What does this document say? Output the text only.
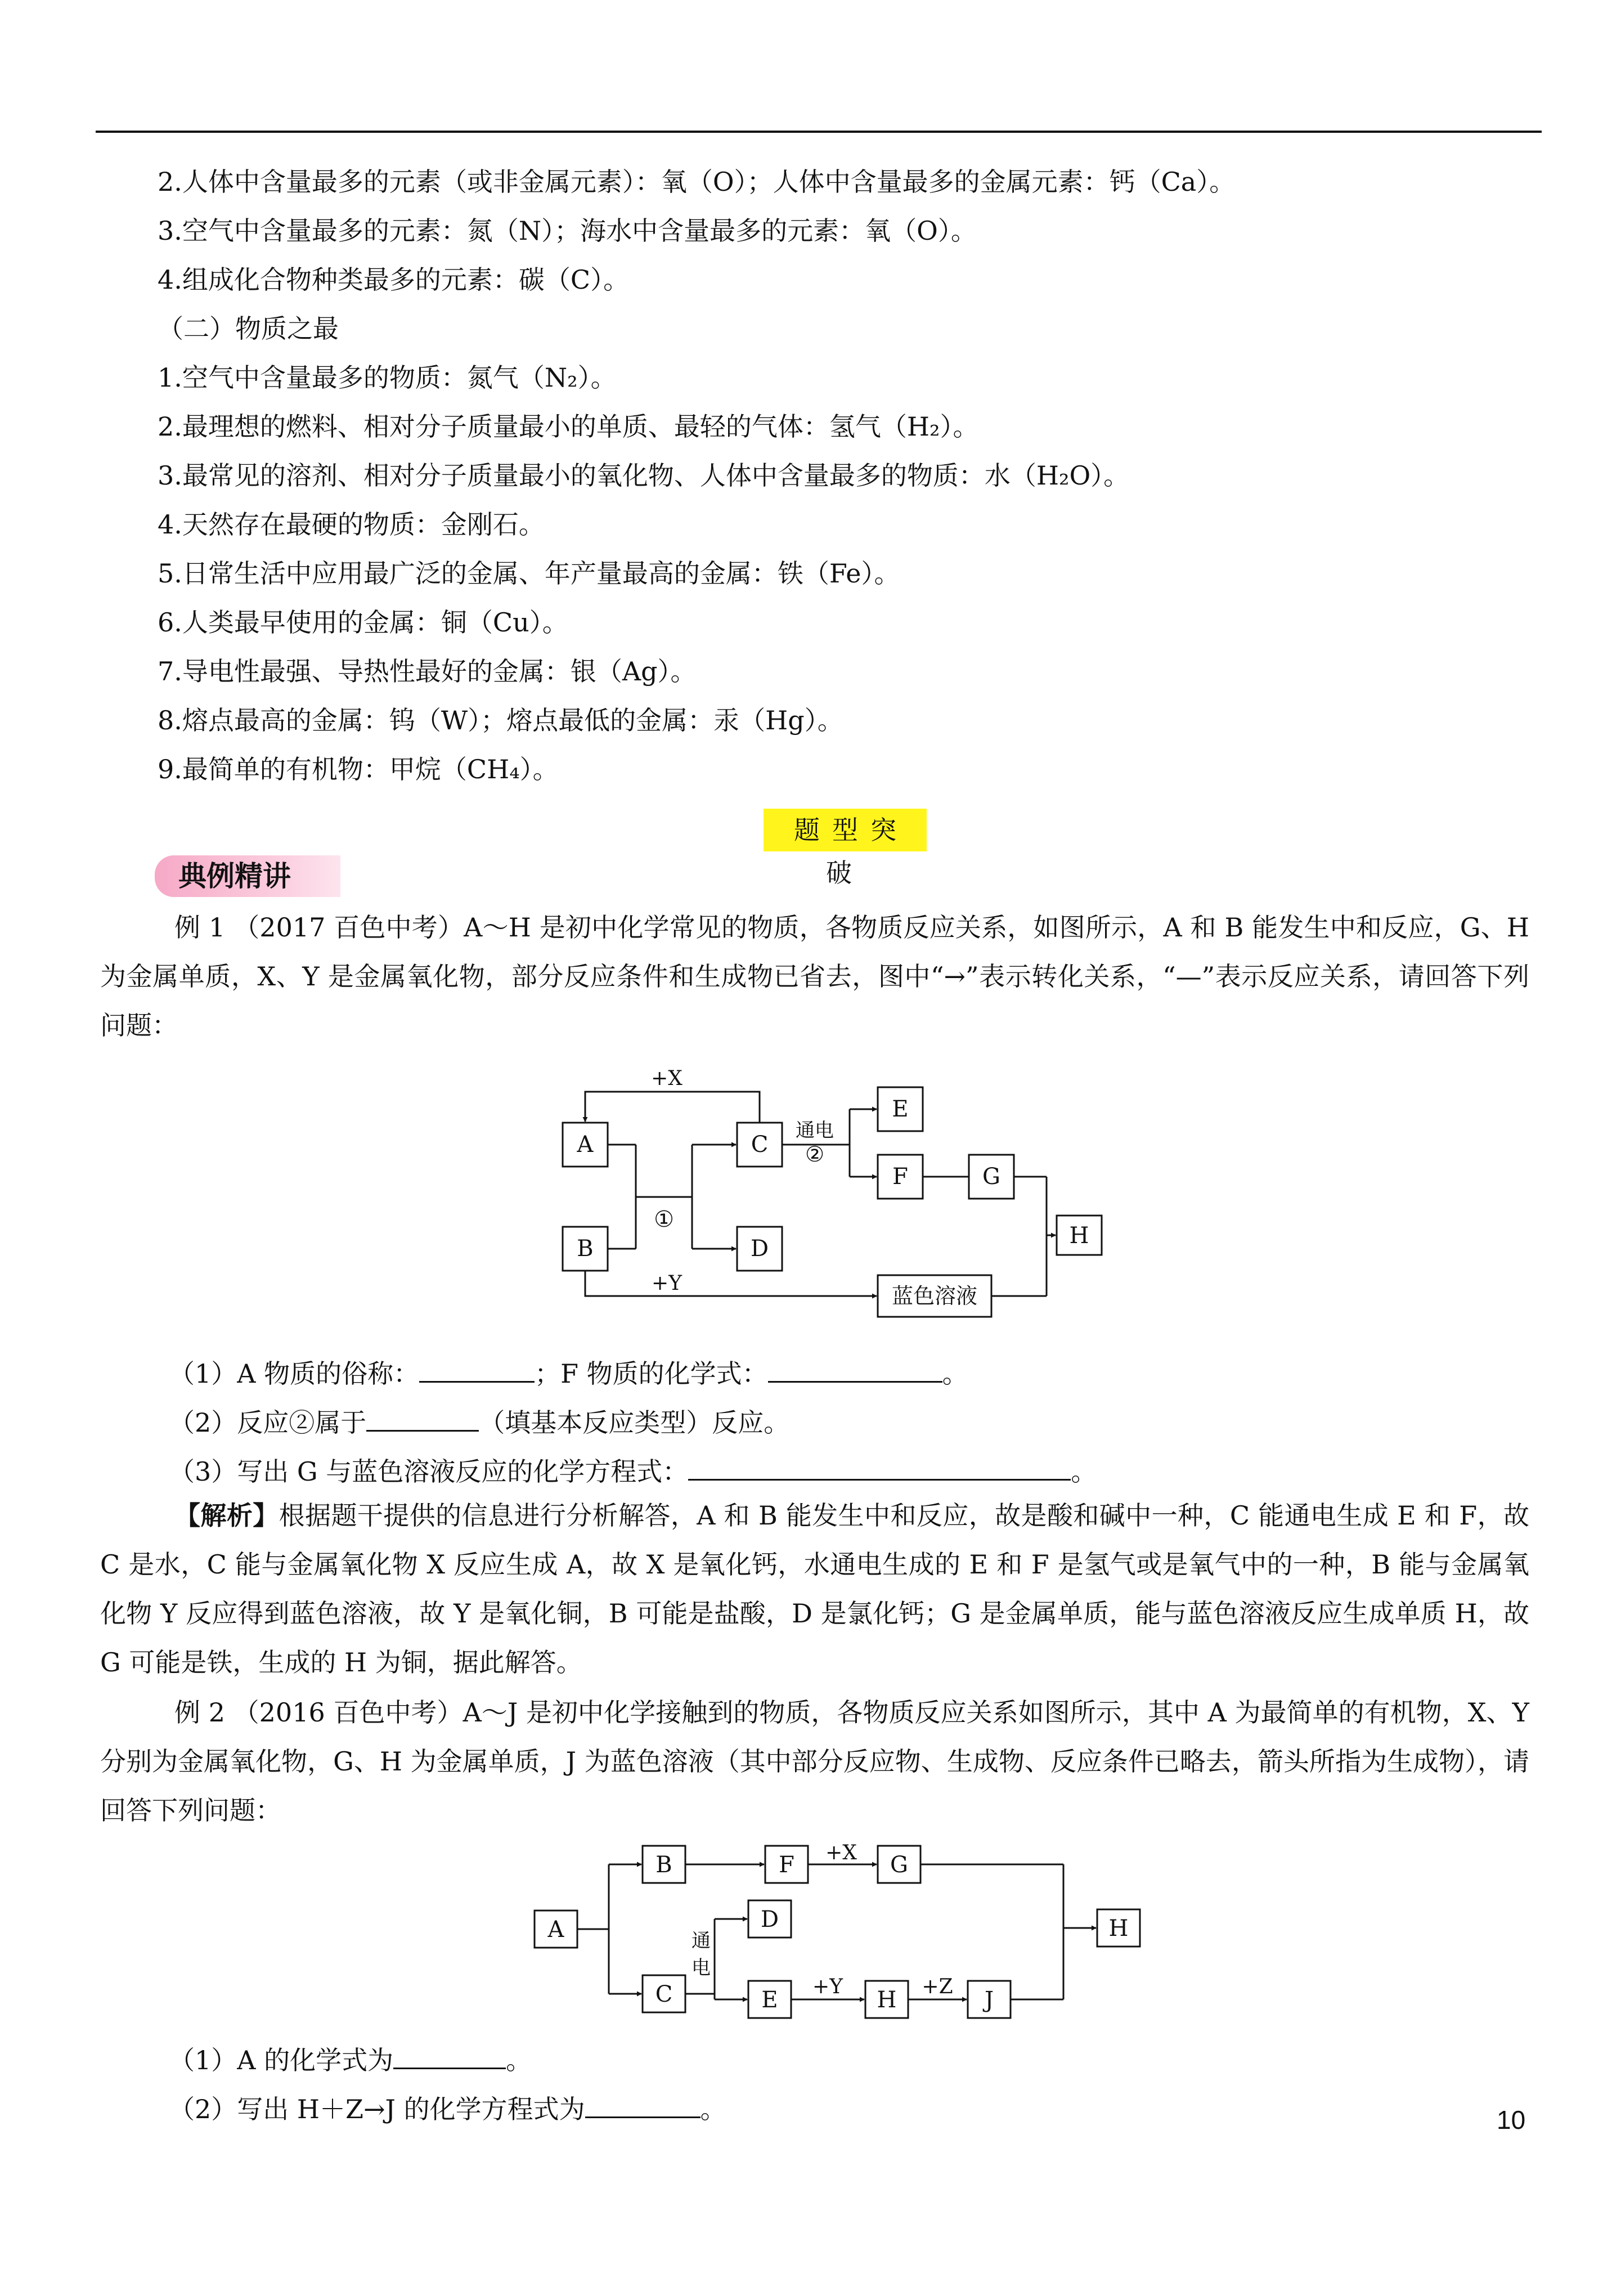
2.人体中含量最多的元素（或非金属元素）：氧（O）；人体中含量最多的金属元素：钙（Ca）。
3.空气中含量最多的元素：氮（N）；海水中含量最多的元素：氧（O）。
4.组成化合物种类最多的元素：碳（C）。
（二）物质之最
1.空气中含量最多的物质：氮气（N₂）。
2.最理想的燃料、相对分子质量最小的单质、最轻的气体：氢气（H₂）。
3.最常见的溶剂、相对分子质量最小的氧化物、人体中含量最多的物质：水（H₂O）。
4.天然存在最硬的物质：金刚石。
5.日常生活中应用最广泛的金属、年产量最高的金属：铁（Fe）。
6.人类最早使用的金属：铜（Cu）。
7.导电性最强、导热性最好的金属：银（Ag）。
8.熔点最高的金属：钨（W）；熔点最低的金属：汞（Hg）。
9.最简单的有机物：甲烷（CH₄）。
题型突破
典例精讲
例 1 （2017 百色中考）A～H 是初中化学常见的物质，各物质反应关系，如图所示，A 和 B 能发生中和反应，G、H 为金属单质，X、Y 是金属氧化物，部分反应条件和生成物已省去，图中“→”表示转化关系，“—”表示反应关系，请回答下列问题：
A
B
C
D
E
F	G
H
蓝色溶液
+X
+Y
通电
②
①
（1）A 物质的俗称：	；F 物质的化学式：	。
（2）反应②属于	（填基本反应类型）反应。
（3）写出 G 与蓝色溶液反应的化学方程式：	。
【解析】根据题干提供的信息进行分析解答，A 和 B 能发生中和反应，故是酸和碱中一种，C 能通电生成 E 和 F，故 C 是水，C 能与金属氧化物 X 反应生成 A，故 X 是氧化钙，水通电生成的 E 和 F 是氢气或是氧气中的一种，B 能与金属氧化物 Y 反应得到蓝色溶液，故 Y 是氧化铜，B 可能是盐酸，D 是氯化钙；G 是金属单质，能与蓝色溶液反应生成单质 H，故 G 可能是铁，生成的 H 为铜，据此解答。
例 2 （2016 百色中考）A～J 是初中化学接触到的物质，各物质反应关系如图所示，其中 A 为最简单的有机物，X、Y 分别为金属氧化物，G、H 为金属单质，J 为蓝色溶液（其中部分反应物、生成物、反应条件已略去，箭头所指为生成物），请回答下列问题：
A
B
C
F	G
D
E	H	J
H
+X
+Y	+Z
通
电
（1）A 的化学式为	。
（2）写出 H＋Z→J 的化学方程式为	。	10
